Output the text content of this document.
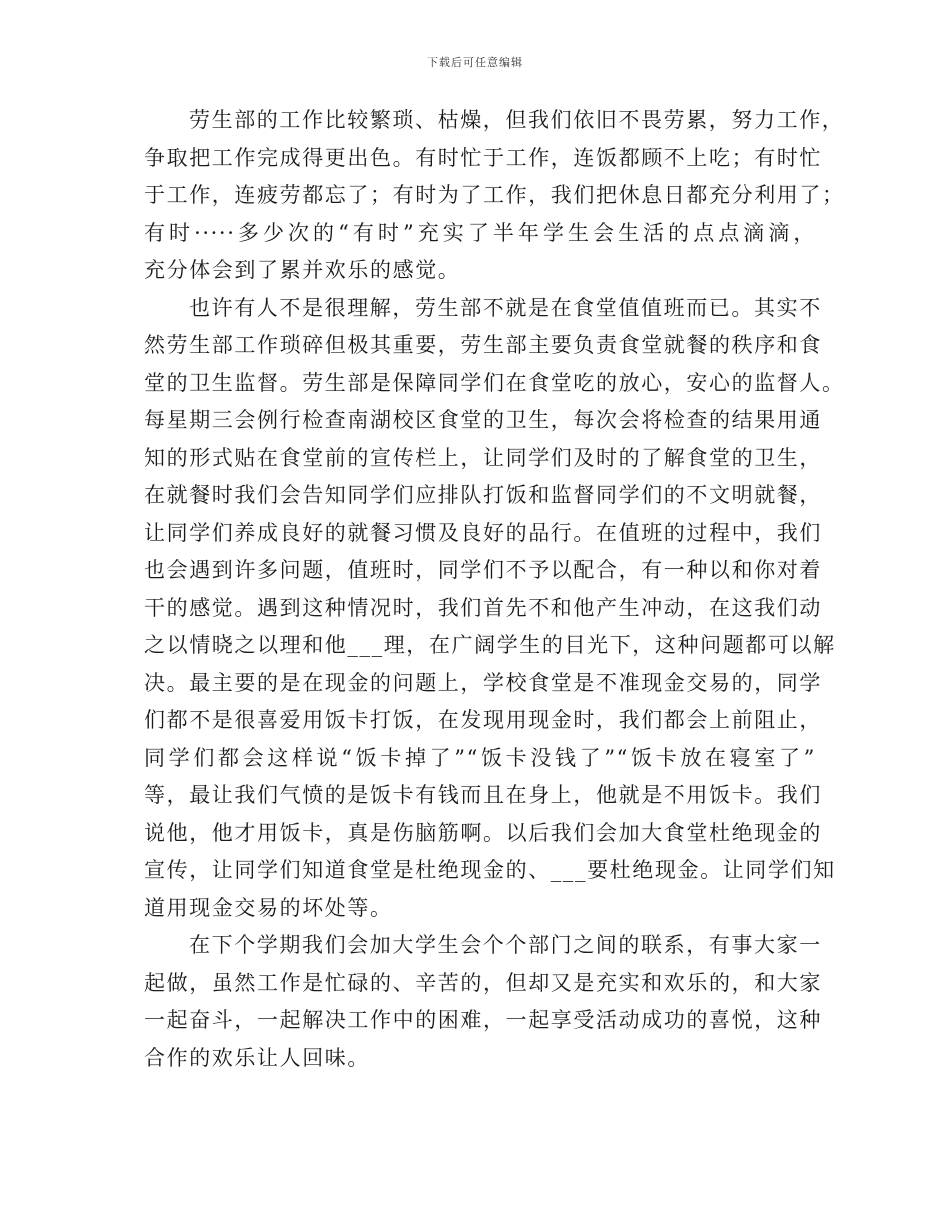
下载后可任意编辑
劳生部的工作比较繁琐、枯燥，但我们依旧不畏劳累，努力工作，
争取把工作完成得更出色。有时忙于工作，连饭都顾不上吃；有时忙
于工作，连疲劳都忘了；有时为了工作，我们把休息日都充分利用了；
有时·····多少次的“有时”充实了半年学生会生活的点点滴滴，
充分体会到了累并欢乐的感觉。
也许有人不是很理解，劳生部不就是在食堂值值班而已。其实不
然劳生部工作琐碎但极其重要，劳生部主要负责食堂就餐的秩序和食
堂的卫生监督。劳生部是保障同学们在食堂吃的放心，安心的监督人。
每星期三会例行检查南湖校区食堂的卫生，每次会将检查的结果用通
知的形式贴在食堂前的宣传栏上，让同学们及时的了解食堂的卫生，
在就餐时我们会告知同学们应排队打饭和监督同学们的不文明就餐，
让同学们养成良好的就餐习惯及良好的品行。在值班的过程中，我们
也会遇到许多问题，值班时，同学们不予以配合，有一种以和你对着
干的感觉。遇到这种情况时，我们首先不和他产生冲动，在这我们动
之以情晓之以理和他___理，在广阔学生的目光下，这种问题都可以解
决。最主要的是在现金的问题上，学校食堂是不准现金交易的，同学
们都不是很喜爱用饭卡打饭，在发现用现金时，我们都会上前阻止，
同学们都会这样说“饭卡掉了”“饭卡没钱了”“饭卡放在寝室了”
等，最让我们气愤的是饭卡有钱而且在身上，他就是不用饭卡。我们
说他，他才用饭卡，真是伤脑筋啊。以后我们会加大食堂杜绝现金的
宣传，让同学们知道食堂是杜绝现金的、___要杜绝现金。让同学们知
道用现金交易的坏处等。
在下个学期我们会加大学生会个个部门之间的联系，有事大家一
起做，虽然工作是忙碌的、辛苦的，但却又是充实和欢乐的，和大家
一起奋斗，一起解决工作中的困难，一起享受活动成功的喜悦，这种
合作的欢乐让人回味。
